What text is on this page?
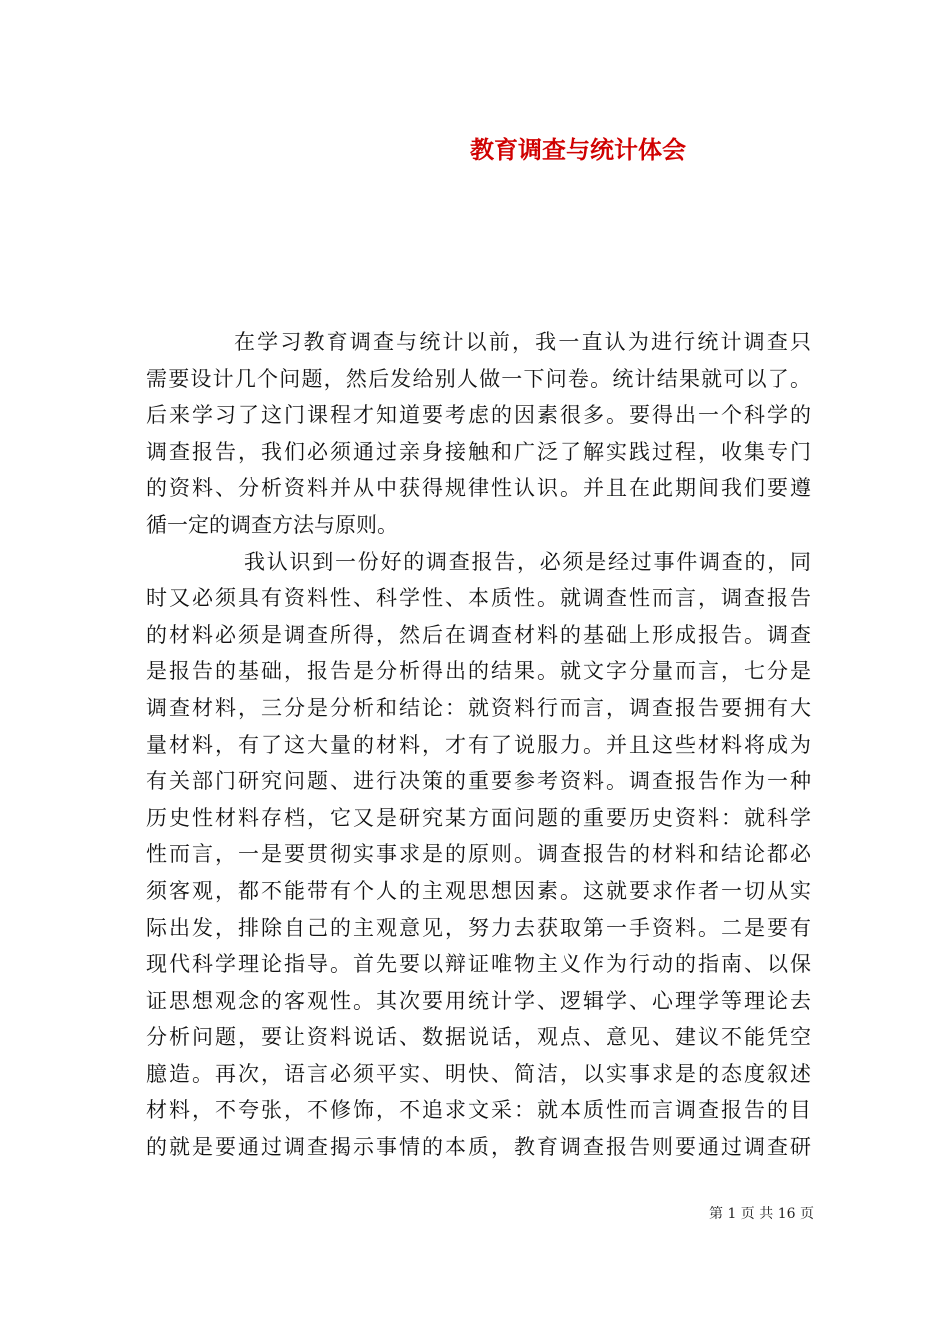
教育调查与统计体会
在学习教育调查与统计以前，我一直认为进行统计调查只
需要设计几个问题，然后发给别人做一下问卷。统计结果就可以了。
后来学习了这门课程才知道要考虑的因素很多。要得出一个科学的
调查报告，我们必须通过亲身接触和广泛了解实践过程，收集专门
的资料、分析资料并从中获得规律性认识。并且在此期间我们要遵
循一定的调查方法与原则。
我认识到一份好的调查报告，必须是经过事件调查的，同
时又必须具有资料性、科学性、本质性。就调查性而言，调查报告
的材料必须是调查所得，然后在调查材料的基础上形成报告。调查
是报告的基础，报告是分析得出的结果。就文字分量而言，七分是
调查材料，三分是分析和结论：就资料行而言，调查报告要拥有大
量材料，有了这大量的材料，才有了说服力。并且这些材料将成为
有关部门研究问题、进行决策的重要参考资料。调查报告作为一种
历史性材料存档，它又是研究某方面问题的重要历史资料：就科学
性而言，一是要贯彻实事求是的原则。调查报告的材料和结论都必
须客观，都不能带有个人的主观思想因素。这就要求作者一切从实
际出发，排除自己的主观意见，努力去获取第一手资料。二是要有
现代科学理论指导。首先要以辩证唯物主义作为行动的指南、以保
证思想观念的客观性。其次要用统计学、逻辑学、心理学等理论去
分析问题，要让资料说话、数据说话，观点、意见、建议不能凭空
臆造。再次，语言必须平实、明快、简洁，以实事求是的态度叙述
材料，不夸张，不修饰，不追求文采：就本质性而言调查报告的目
的就是要通过调查揭示事情的本质，教育调查报告则要通过调查研
第 1 页 共 16 页
